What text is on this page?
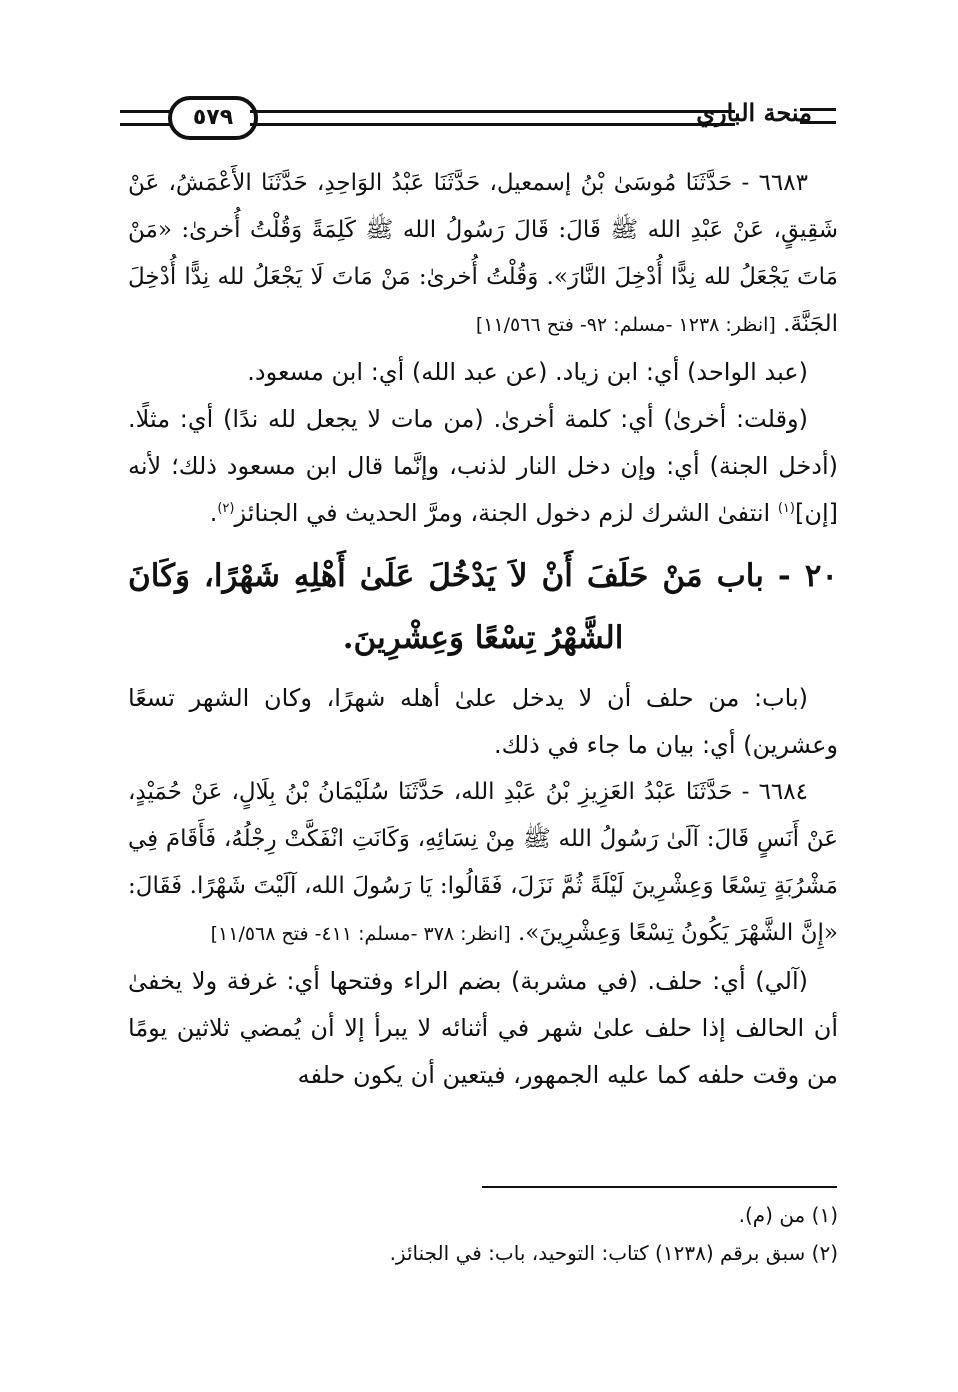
٥٧٩	منحة الباري

٦٦٨٣ - حَدَّثَنَا مُوسَىٰ بْنُ إسمعيل، حَدَّثَنَا عَبْدُ الوَاحِدِ، حَدَّثَنَا الأَعْمَشُ، عَنْ شَقِيقٍ، عَنْ عَبْدِ الله ﷺ قَالَ: قَالَ رَسُولُ الله ﷺ كَلِمَةً وَقُلْتُ أُخرىٰ: «مَنْ مَاتَ يَجْعَلُ لله نِدًّا أُدْخِلَ النَّارَ». وَقُلْتُ أُخرىٰ: مَنْ مَاتَ لَا يَجْعَلُ لله نِدًّا أُدْخِلَ الجَنَّةَ. [انظر: ١٢٣٨ -مسلم: ٩٢- فتح ١١/٥٦٦]

(عبد الواحد) أي: ابن زياد. (عن عبد الله) أي: ابن مسعود.

(وقلت: أخرىٰ) أي: كلمة أخرىٰ. (من مات لا يجعل لله ندًا) أي: مثلًا. (أدخل الجنة) أي: وإن دخل النار لذنب، وإنَّما قال ابن مسعود ذلك؛ لأنه [إن]$^{(١)}$ انتفىٰ الشرك لزم دخول الجنة، ومرَّ الحديث في الجنائز$^{(٢)}$.

٢٠ - باب مَنْ حَلَفَ أَنْ لاَ يَدْخُلَ عَلَىٰ أَهْلِهِ شَهْرًا، وَكَانَ الشَّهْرُ تِسْعًا وَعِشْرِينَ.

(باب: من حلف أن لا يدخل علىٰ أهله شهرًا، وكان الشهر تسعًا وعشرين) أي: بيان ما جاء في ذلك.

٦٦٨٤ - حَدَّثَنَا عَبْدُ العَزِيزِ بْنُ عَبْدِ الله، حَدَّثَنَا سُلَيْمَانُ بْنُ بِلَالٍ، عَنْ حُمَيْدٍ، عَنْ أَنَسٍ قَالَ: آلَىٰ رَسُولُ الله ﷺ مِنْ نِسَائِهِ، وَكَانَتِ انْفَكَّتْ رِجْلُهُ، فَأَقَامَ فِي مَشْرُبَةٍ تِسْعًا وَعِشْرِينَ لَيْلَةً ثُمَّ نَزَلَ، فَقَالُوا: يَا رَسُولَ الله، آلَيْتَ شَهْرًا. فَقَالَ: «إِنَّ الشَّهْرَ يَكُونُ تِسْعًا وَعِشْرِينَ». [انظر: ٣٧٨ -مسلم: ٤١١- فتح ١١/٥٦٨]

(آلي) أي: حلف. (في مشربة) بضم الراء وفتحها أي: غرفة ولا يخفىٰ أن الحالف إذا حلف علىٰ شهر في أثنائه لا يبرأ إلا أن يُمضي ثلاثين يومًا من وقت حلفه كما عليه الجمهور، فيتعين أن يكون حلفه

(١) من (م).

(٢) سبق برقم (١٢٣٨) كتاب: التوحيد، باب: في الجنائز.
